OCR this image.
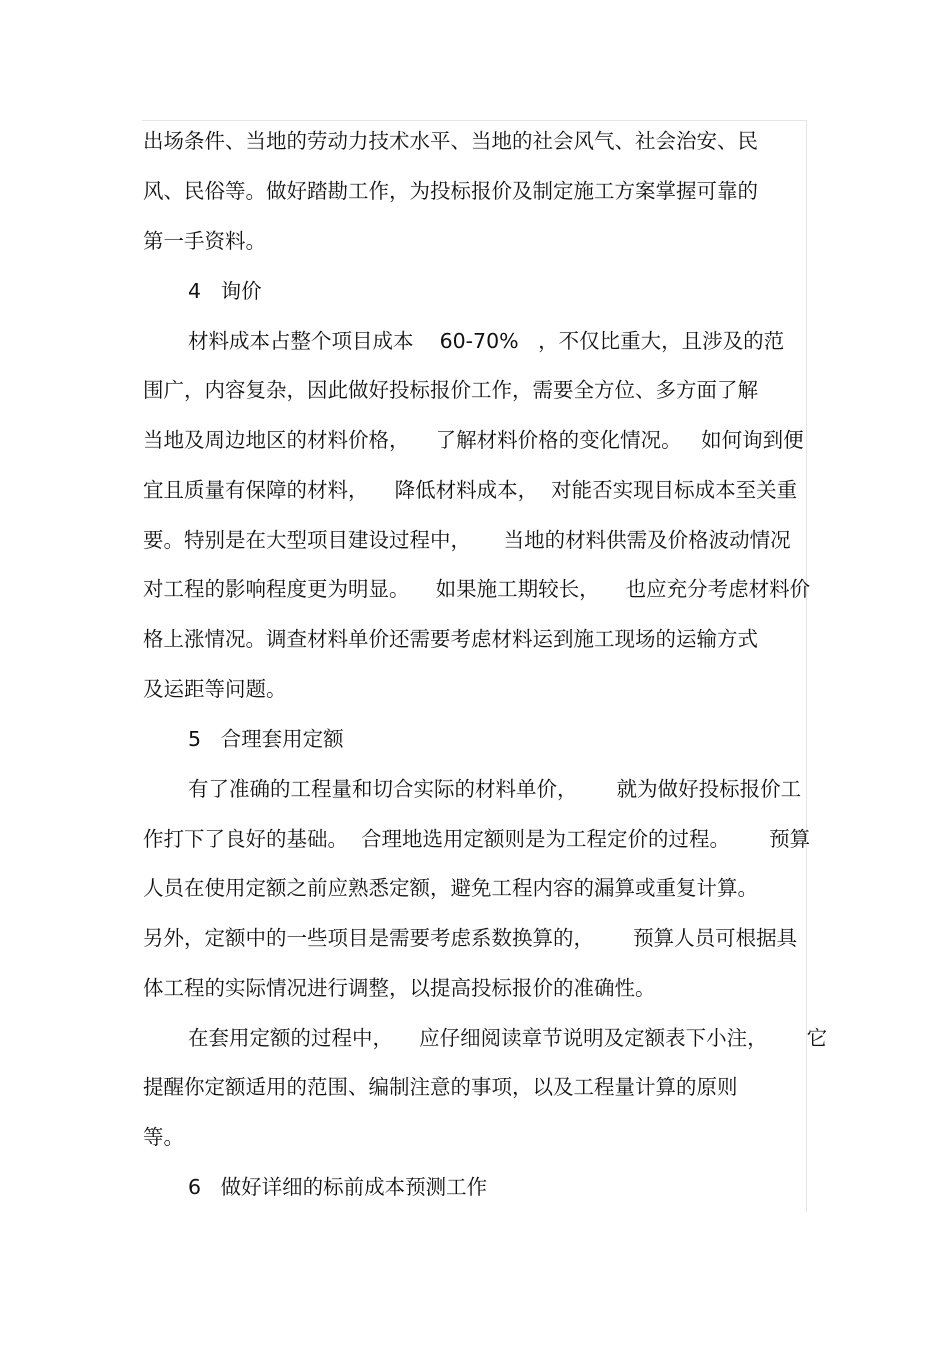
出场条件、当地的劳动力技术水平、当地的社会风气、社会治安、民
风、民俗等。做好踏勘工作，为投标报价及制定施工方案掌握可靠的
第一手资料。
4   询价
材料成本占整个项目成本    60-70%   ，不仅比重大，且涉及的范
围广，内容复杂，因此做好投标报价工作，需要全方位、多方面了解
当地及周边地区的材料价格，    了解材料价格的变化情况。   如何询到便
宜且质量有保障的材料，    降低材料成本，  对能否实现目标成本至关重
要。特别是在大型项目建设过程中，     当地的材料供需及价格波动情况
对工程的影响程度更为明显。    如果施工期较长，    也应充分考虑材料价
格上涨情况。调查材料单价还需要考虑材料运到施工现场的运输方式
及运距等问题。
5   合理套用定额
有了准确的工程量和切合实际的材料单价，      就为做好投标报价工
作打下了良好的基础。  合理地选用定额则是为工程定价的过程。      预算
人员在使用定额之前应熟悉定额，避免工程内容的漏算或重复计算。
另外，定额中的一些项目是需要考虑系数换算的，      预算人员可根据具
体工程的实际情况进行调整，以提高投标报价的准确性。
在套用定额的过程中，    应仔细阅读章节说明及定额表下小注，      它
提醒你定额适用的范围、编制注意的事项，以及工程量计算的原则
等。
6   做好详细的标前成本预测工作
